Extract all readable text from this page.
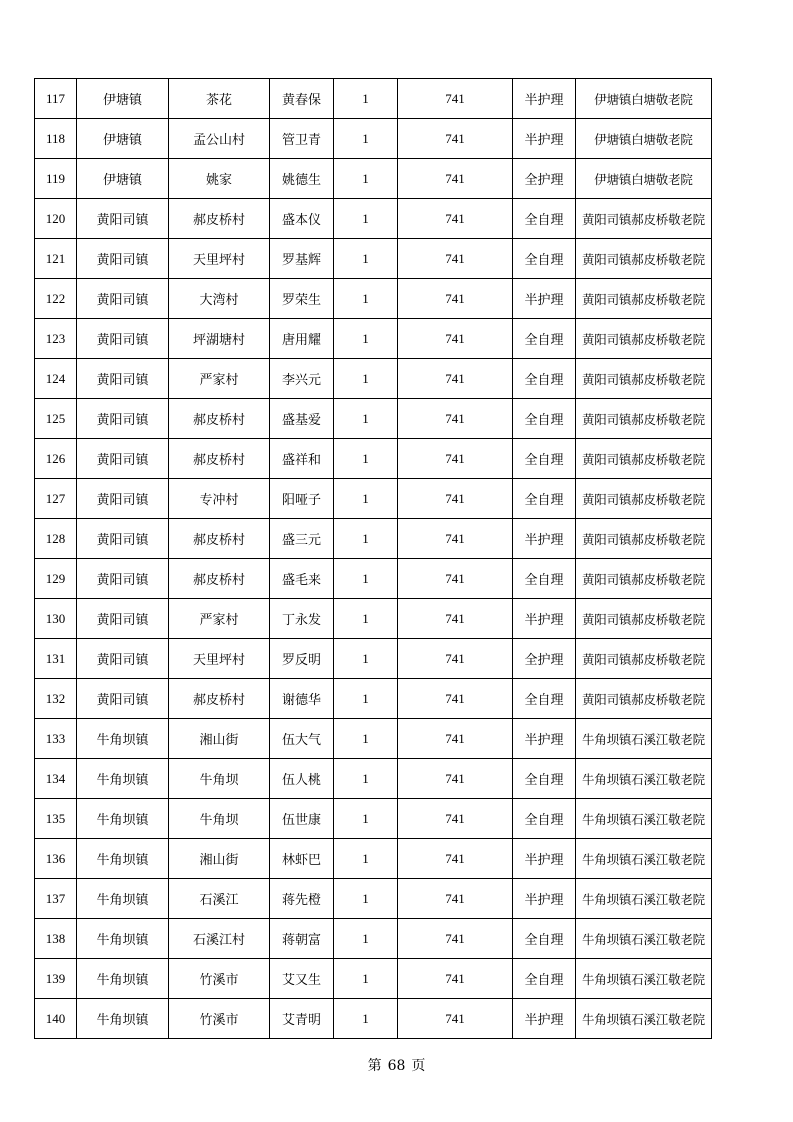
117	伊塘镇	茶花	黄春保	1	741	半护理	伊塘镇白塘敬老院
118	伊塘镇	孟公山村	管卫青	1	741	半护理	伊塘镇白塘敬老院
119	伊塘镇	姚家	姚德生	1	741	全护理	伊塘镇白塘敬老院
120	黄阳司镇	郝皮桥村	盛本仪	1	741	全自理	黄阳司镇郝皮桥敬老院
121	黄阳司镇	天里坪村	罗基辉	1	741	全自理	黄阳司镇郝皮桥敬老院
122	黄阳司镇	大湾村	罗荣生	1	741	半护理	黄阳司镇郝皮桥敬老院
123	黄阳司镇	坪湖塘村	唐用耀	1	741	全自理	黄阳司镇郝皮桥敬老院
124	黄阳司镇	严家村	李兴元	1	741	全自理	黄阳司镇郝皮桥敬老院
125	黄阳司镇	郝皮桥村	盛基爱	1	741	全自理	黄阳司镇郝皮桥敬老院
126	黄阳司镇	郝皮桥村	盛祥和	1	741	全自理	黄阳司镇郝皮桥敬老院
127	黄阳司镇	专冲村	阳哑子	1	741	全自理	黄阳司镇郝皮桥敬老院
128	黄阳司镇	郝皮桥村	盛三元	1	741	半护理	黄阳司镇郝皮桥敬老院
129	黄阳司镇	郝皮桥村	盛毛来	1	741	全自理	黄阳司镇郝皮桥敬老院
130	黄阳司镇	严家村	丁永发	1	741	半护理	黄阳司镇郝皮桥敬老院
131	黄阳司镇	天里坪村	罗反明	1	741	全护理	黄阳司镇郝皮桥敬老院
132	黄阳司镇	郝皮桥村	谢德华	1	741	全自理	黄阳司镇郝皮桥敬老院
133	牛角坝镇	湘山街	伍大气	1	741	半护理	牛角坝镇石溪江敬老院
134	牛角坝镇	牛角坝	伍人桃	1	741	全自理	牛角坝镇石溪江敬老院
135	牛角坝镇	牛角坝	伍世康	1	741	全自理	牛角坝镇石溪江敬老院
136	牛角坝镇	湘山街	林虾巴	1	741	半护理	牛角坝镇石溪江敬老院
137	牛角坝镇	石溪江	蒋先橙	1	741	半护理	牛角坝镇石溪江敬老院
138	牛角坝镇	石溪江村	蒋朝富	1	741	全自理	牛角坝镇石溪江敬老院
139	牛角坝镇	竹溪市	艾又生	1	741	全自理	牛角坝镇石溪江敬老院
140	牛角坝镇	竹溪市	艾青明	1	741	半护理	牛角坝镇石溪江敬老院
第 68 页
